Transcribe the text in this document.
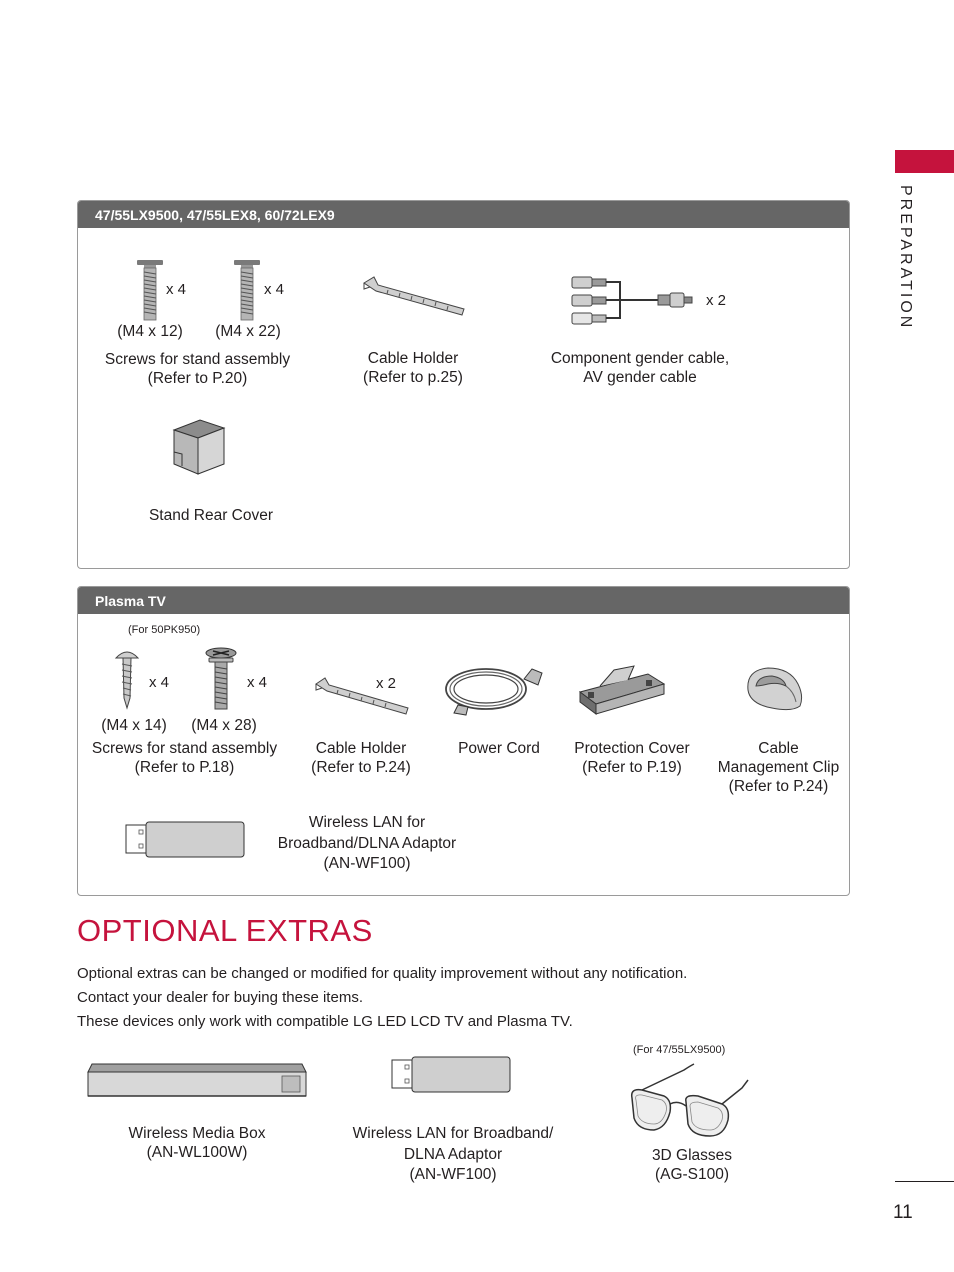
PREPARATION
47/55LX9500, 47/55LEX8, 60/72LEX9
x 4	x 4
(M4 x 12)	(M4 x 22)
Screws for stand assembly
(Refer to P.20)
Cable Holder
(Refer to p.25)
x 2
Component gender cable,
AV gender cable
Stand Rear Cover
Plasma TV
(For 50PK950)
x 4	x 4
(M4 x 14)	(M4 x 28)
Screws for stand assembly
(Refer to P.18)
x 2
Cable Holder
(Refer to P.24)
Power Cord	Protection Cover
(Refer to P.19)
Cable
Management Clip
(Refer to P.24)
Wireless LAN for
Broadband/DLNA Adaptor
(AN-WF100)
OPTIONAL EXTRAS
Optional extras can be changed or modified for quality improvement without any notification.
Contact your dealer for buying these items.
These devices only work with compatible LG LED LCD TV and Plasma TV.
Wireless Media Box
(AN-WL100W)
Wireless LAN for Broadband/
DLNA Adaptor
(AN-WF100)
(For 47/55LX9500)
3D Glasses
(AG-S100)
11
